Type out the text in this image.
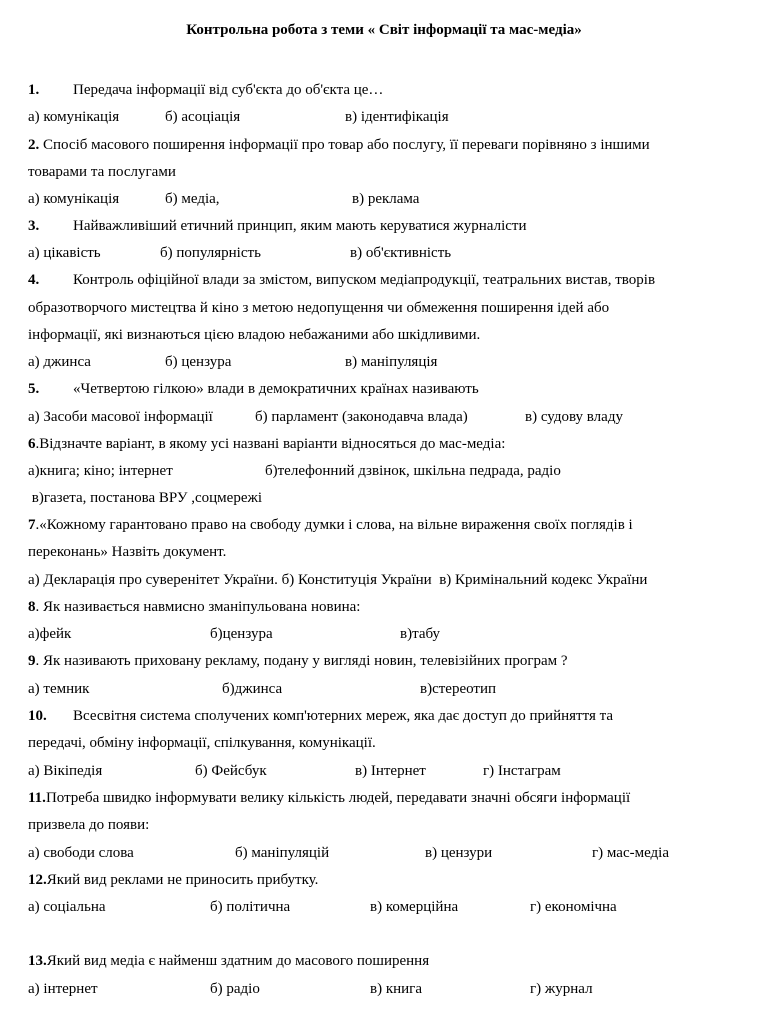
Контрольна робота з теми « Світ інформації та мас-медіа»
1. Передача інформації від суб'єкта до об'єкта це…
а) комунікація	б) асоціація	в) ідентифікація
2. Спосіб масового поширення інформації про товар або послугу, її переваги порівняно з іншими
товарами та послугами
а) комунікація	б) медіа,	в) реклама
3. Найважливіший етичний принцип, яким мають керуватися журналісти
а) цікавість	б) популярність	в) об'єктивність
4. Контроль офіційної влади за змістом, випуском медіапродукції, театральних вистав, творів
образотворчого мистецтва й кіно з метою недопущення чи обмеження поширення ідей або
інформації, які визнаються цією владою небажаними або шкідливими.
а) джинса	б) цензура	в) маніпуляція
5. «Четвертою гілкою» влади в демократичних країнах називають
а) Засоби масової інформації	б) парламент (законодавча влада)	в) судову владу
6.Відзначте варіант, в якому усі названі варіанти відносяться до мас-медіа:
а)книга; кіно; інтернет	б)телефонний дзвінок, шкільна педрада, радіо
в)газета, постанова ВРУ ,соцмережі
7.«Кожному гарантовано право на свободу думки і слова, на вільне вираження своїх поглядів і
переконань» Назвіть документ.
а) Декларація про суверенітет України. б) Конституція України  в) Кримінальний кодекс України
8. Як називається навмисно зманіпульована новина:
а)фейк	б)цензура	в)табу
9. Як називають приховану рекламу, подану у вигляді новин, телевізійних програм ?
а) темник	б)джинса	в)стереотип
10. Всесвітня система сполучених комп'ютерних мереж, яка дає доступ до прийняття та
передачі, обміну інформації, спілкування, комунікації.
а) Вікіпедія	б) Фейсбук	в) Інтернет	г) Інстаграм
11.Потреба швидко інформувати велику кількість людей, передавати значні обсяги інформації
призвела до появи:
а) свободи слова	б) маніпуляцій	в) цензури	г) мас-медіа
12.Який вид реклами не приносить прибутку.
а) соціальна	б) політична	в) комерційна	г) економічна
13.Який вид медіа є найменш здатним до масового поширення
а) інтернет	б) радіо	в) книга	г) журнал
